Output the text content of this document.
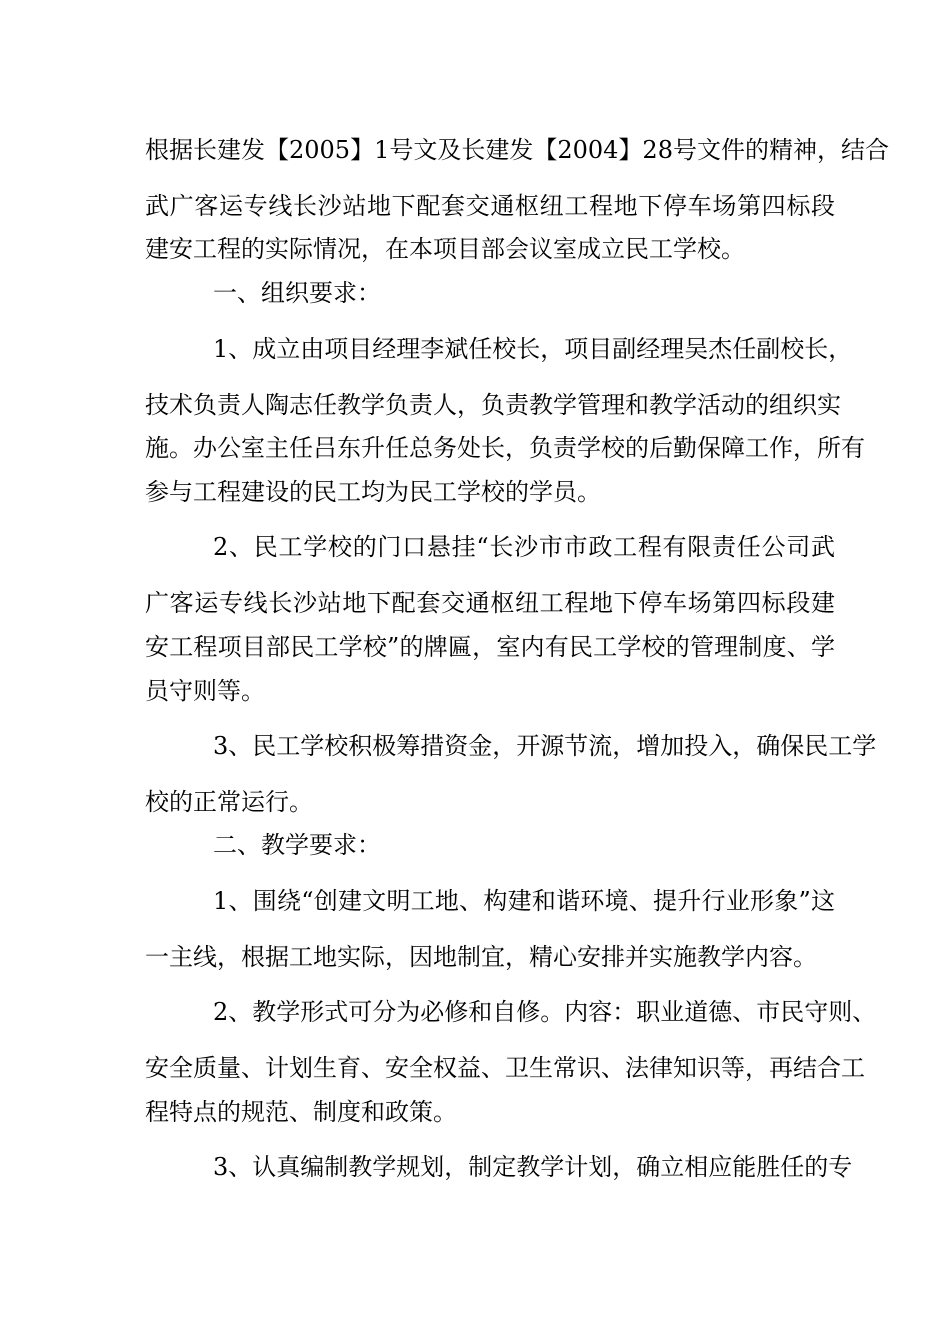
根据长建发【2005】1号文及长建发【2004】28号文件的精神，结合
武广客运专线长沙站地下配套交通枢纽工程地下停车场第四标段
建安工程的实际情况，在本项目部会议室成立民工学校。
一、组织要求：
1、成立由项目经理李斌任校长，项目副经理吴杰任副校长，
技术负责人陶志任教学负责人，负责教学管理和教学活动的组织实
施。办公室主任吕东升任总务处长，负责学校的后勤保障工作，所有
参与工程建设的民工均为民工学校的学员。
2、民工学校的门口悬挂“长沙市市政工程有限责任公司武
广客运专线长沙站地下配套交通枢纽工程地下停车场第四标段建
安工程项目部民工学校”的牌匾，室内有民工学校的管理制度、学
员守则等。
3、民工学校积极筹措资金，开源节流，增加投入，确保民工学
校的正常运行。
二、教学要求：
1、围绕“创建文明工地、构建和谐环境、提升行业形象”这
一主线，根据工地实际，因地制宜，精心安排并实施教学内容。
2、教学形式可分为必修和自修。内容：职业道德、市民守则、
安全质量、计划生育、安全权益、卫生常识、法律知识等，再结合工
程特点的规范、制度和政策。
3、认真编制教学规划，制定教学计划，确立相应能胜任的专
